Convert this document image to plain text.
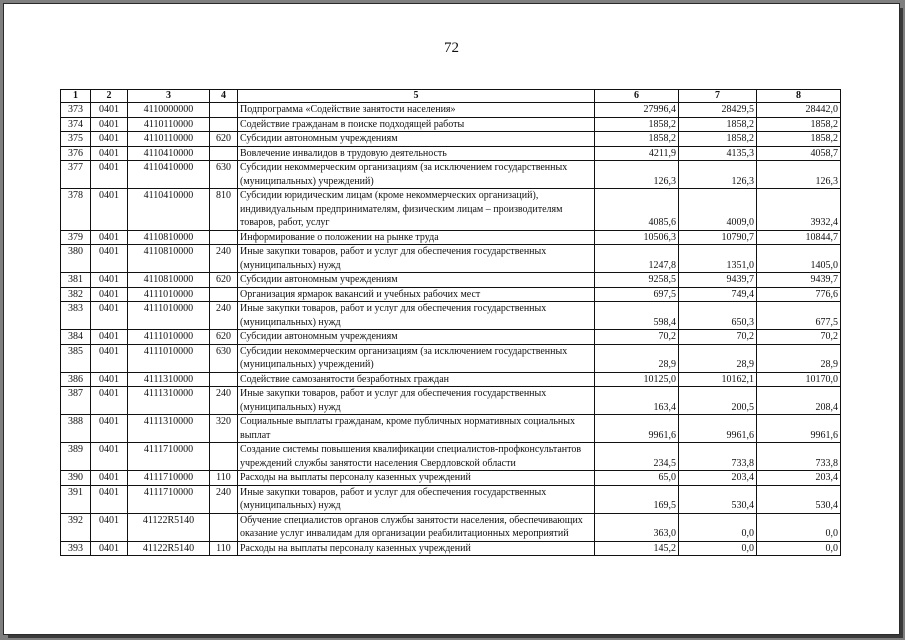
72
1	2	3	4	5	6	7	8
373	0401	4110000000		Подпрограмма «Содействие занятости населения»	27996,4	28429,5	28442,0
374	0401	4110110000		Содействие гражданам в поиске подходящей работы	1858,2	1858,2	1858,2
375	0401	4110110000	620	Субсидии автономным учреждениям	1858,2	1858,2	1858,2
376	0401	4110410000		Вовлечение инвалидов в трудовую деятельность	4211,9	4135,3	4058,7
377	0401	4110410000	630	Субсидии некоммерческим организациям (за исключением государственных (муниципальных) учреждений)	126,3	126,3	126,3
378	0401	4110410000	810	Субсидии юридическим лицам (кроме некоммерческих организаций), индивидуальным предпринимателям, физическим лицам – производителям товаров, работ, услуг	4085,6	4009,0	3932,4
379	0401	4110810000		Информирование о положении на рынке труда	10506,3	10790,7	10844,7
380	0401	4110810000	240	Иные закупки товаров, работ и услуг для обеспечения государственных (муниципальных) нужд	1247,8	1351,0	1405,0
381	0401	4110810000	620	Субсидии автономным учреждениям	9258,5	9439,7	9439,7
382	0401	4111010000		Организация ярмарок вакансий и учебных рабочих мест	697,5	749,4	776,6
383	0401	4111010000	240	Иные закупки товаров, работ и услуг для обеспечения государственных (муниципальных) нужд	598,4	650,3	677,5
384	0401	4111010000	620	Субсидии автономным учреждениям	70,2	70,2	70,2
385	0401	4111010000	630	Субсидии некоммерческим организациям (за исключением государственных (муниципальных) учреждений)	28,9	28,9	28,9
386	0401	4111310000		Содействие самозанятости безработных граждан	10125,0	10162,1	10170,0
387	0401	4111310000	240	Иные закупки товаров, работ и услуг для обеспечения государственных (муниципальных) нужд	163,4	200,5	208,4
388	0401	4111310000	320	Социальные выплаты гражданам, кроме публичных нормативных социальных выплат	9961,6	9961,6	9961,6
389	0401	4111710000		Создание системы повышения квалификации специалистов-профконсультантов учреждений службы занятости населения Свердловской области	234,5	733,8	733,8
390	0401	4111710000	110	Расходы на выплаты персоналу казенных учреждений	65,0	203,4	203,4
391	0401	4111710000	240	Иные закупки товаров, работ и услуг для обеспечения государственных (муниципальных) нужд	169,5	530,4	530,4
392	0401	41122R5140		Обучение специалистов органов службы занятости населения, обеспечивающих оказание услуг инвалидам для организации реабилитационных мероприятий	363,0	0,0	0,0
393	0401	41122R5140	110	Расходы на выплаты персоналу казенных учреждений	145,2	0,0	0,0
